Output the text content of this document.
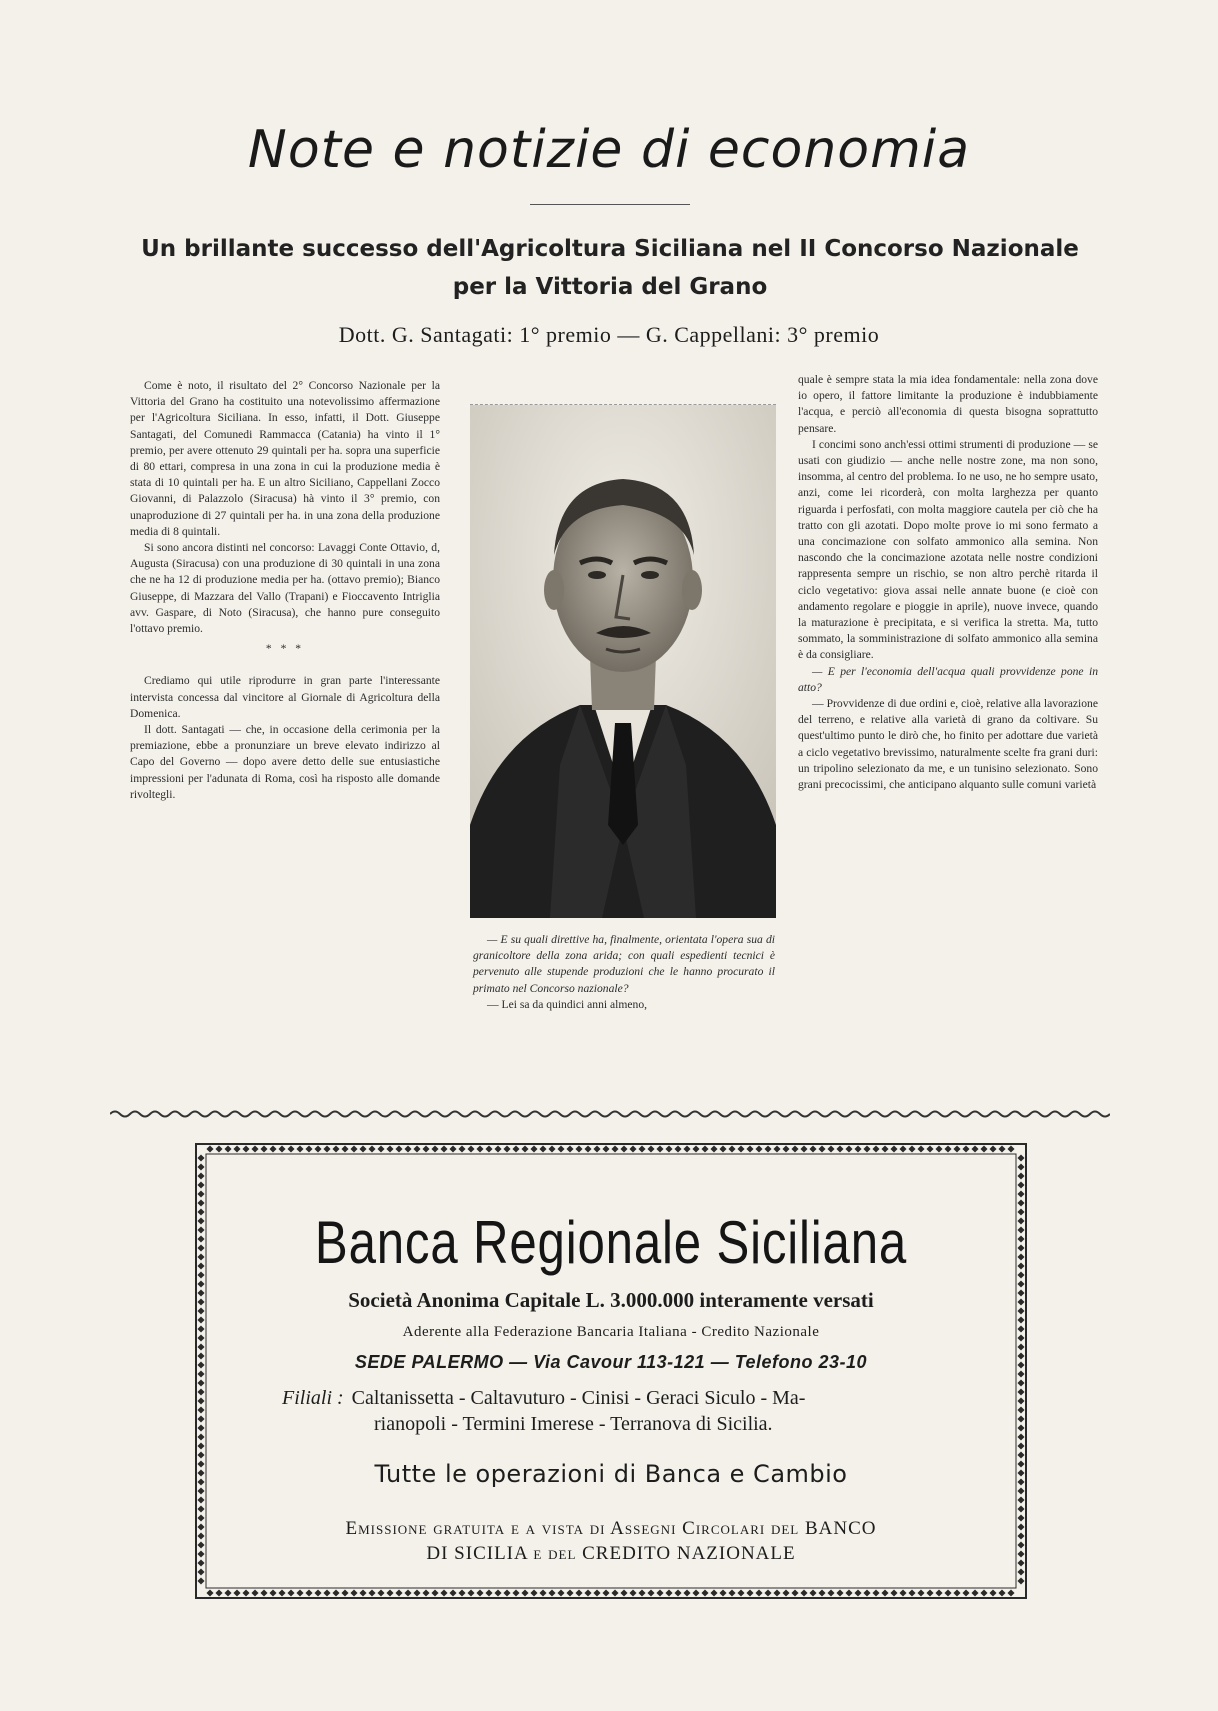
Note e notizie di economia
Un brillante successo dell'Agricoltura Siciliana nel II Concorso Nazionale
per la Vittoria del Grano
Dott. G. Santagati: 1° premio — G. Cappellani: 3° premio

Come è noto, il risultato del 2° Concorso Nazionale per la Vittoria del Grano ha costituito una notevolissimo affermazione per l'Agricoltura Siciliana. In esso, infatti, il Dott. Giuseppe Santagati, del Comunedi Rammacca (Catania) ha vinto il 1° premio, per avere ottenuto 29 quintali per ha. sopra una superficie di 80 ettari, compresa in una zona in cui la produzione media è stata di 10 quintali per ha. E un altro Siciliano, Cappellani Zocco Giovanni, di Palazzolo (Siracusa) hà vinto il 3° premio, con unaproduzione di 27 quintali per ha. in una zona della produzione media di 8 quintali.

Si sono ancora distinti nel concorso: Lavaggi Conte Ottavio, d, Augusta (Siracusa) con una produzione di 30 quintali in una zona che ne ha 12 di produzione media per ha. (ottavo premio); Bianco Giuseppe, di Mazzara del Vallo (Trapani) e Fioccavento Intriglia avv. Gaspare, di Noto (Siracusa), che hanno pure conseguito l'ottavo premio.

* * *

Crediamo qui utile riprodurre in gran parte l'interessante intervista concessa dal vincitore al Giornale di Agricoltura della Domenica.

Il dott. Santagati — che, in occasione della cerimonia per la premiazione, ebbe a pronunziare un breve elevato indirizzo al Capo del Governo — dopo avere detto delle sue entusiastiche impressioni per l'adunata di Roma, così ha risposto alle domande rivoltegli.

— E su quali direttive ha, finalmente, orientata l'opera sua di granicoltore della zona arida; con quali espedienti tecnici è pervenuto alle stupende produzioni che le hanno procurato il primato nel Concorso nazionale?

— Lei sa da quindici anni almeno,

quale è sempre stata la mia idea fondamentale: nella zona dove io opero, il fattore limitante la produzione è indubbiamente l'acqua, e perciò all'economia di questa bisogna soprattutto pensare.

I concimi sono anch'essi ottimi strumenti di produzione — se usati con giudizio — anche nelle nostre zone, ma non sono, insomma, al centro del problema. Io ne uso, ne ho sempre usato, anzi, come lei ricorderà, con molta larghezza per quanto riguarda i perfosfati, con molta maggiore cautela per ciò che ha tratto con gli azotati. Dopo molte prove io mi sono fermato a una concimazione con solfato ammonico alla semina. Non nascondo che la concimazione azotata nelle nostre condizioni rappresenta sempre un rischio, se non altro perchè ritarda il ciclo vegetativo: giova assai nelle annate buone (e cioè con andamento regolare e pioggie in aprile), nuove invece, quando la maturazione è precipitata, e si verifica la stretta. Ma, tutto sommato, la somministrazione di solfato ammonico alla semina è da consigliare.

— E per l'economia dell'acqua quali provvidenze pone in atto?

— Provvidenze di due ordini e, cioè, relative alla lavorazione del terreno, e relative alla varietà di grano da coltivare. Su quest'ultimo punto le dirò che, ho finito per adottare due varietà a ciclo vegetativo brevissimo, naturalmente scelte fra grani duri: un tripolino selezionato da me, e un tunisino selezionato. Sono grani precocissimi, che anticipano alquanto sulle comuni varietà

Banca Regionale Siciliana
Società Anonima Capitale L. 3.000.000 interamente versati
Aderente alla Federazione Bancaria Italiana - Credito Nazionale
SEDE PALERMO — Via Cavour 113-121 — Telefono 23-10
Filiali : Caltanissetta - Caltavuturo - Cinisi - Geraci Siculo - Ma-
rianopoli - Termini Imerese - Terranova di Sicilia.
Tutte le operazioni di Banca e Cambio
Emissione gratuita e a vista di Assegni Circolari del BANCO
DI SICILIA e del CREDITO NAZIONALE
